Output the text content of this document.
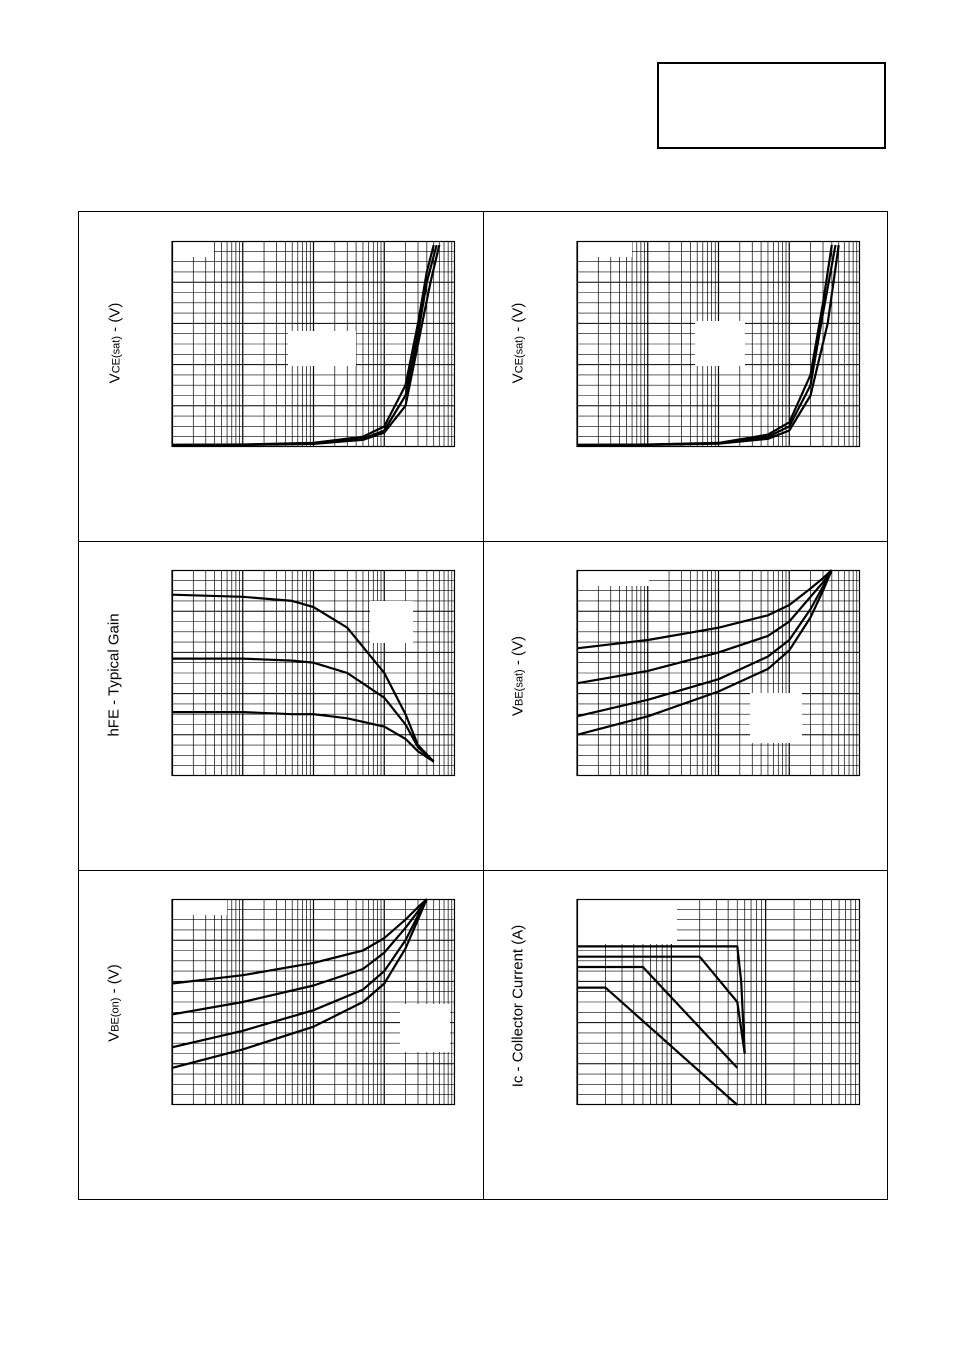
VCE(sat) - (V)
VCE(sat) - (V)
hFE - Typical Gain	VBE(sat) - (V)
VBE(on) - (V)	Ic - Collector Current (A)
